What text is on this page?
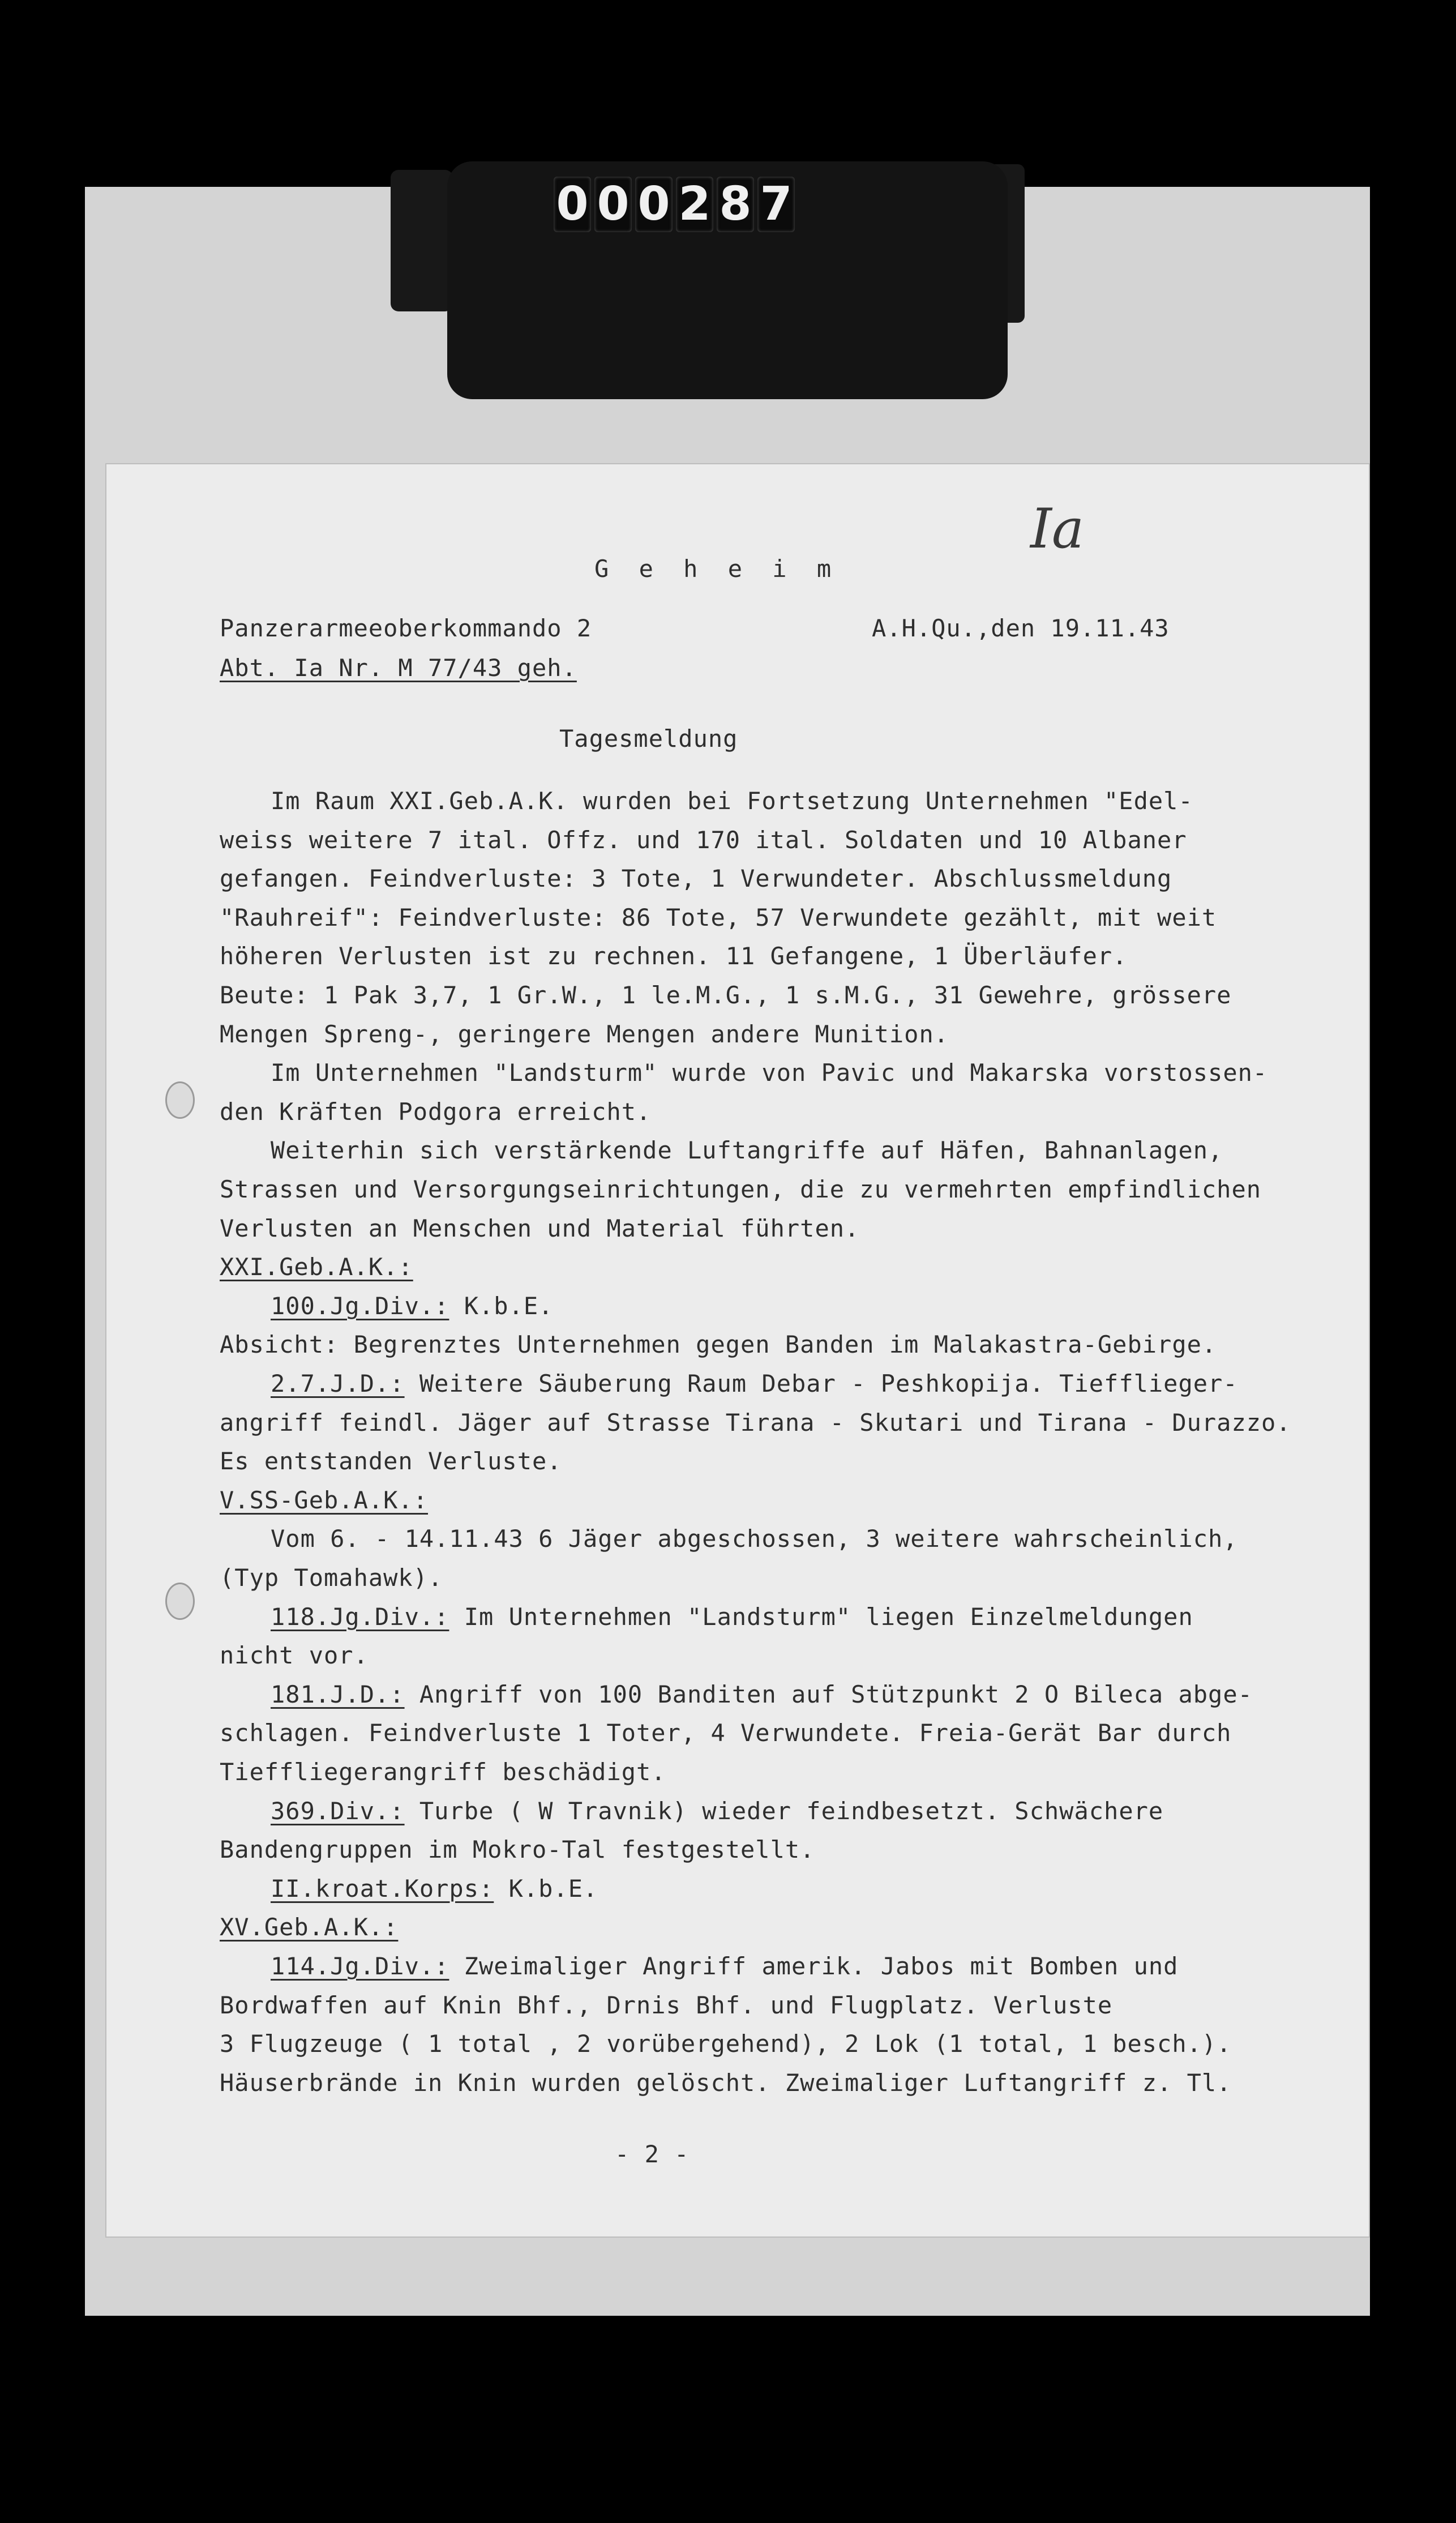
0 0 0 2 8 7
G e h e i m
Panzerarmeeoberkommando 2	A.H.Qu.,den 19.11.43
Abt. Ia Nr. M 77/43 geh.
Tagesmeldung
Im Raum XXI.Geb.A.K. wurden bei Fortsetzung Unternehmen "Edel-
weiss weitere 7 ital. Offz. und 170 ital. Soldaten und 10 Albaner
gefangen. Feindverluste: 3 Tote, 1 Verwundeter. Abschlussmeldung
"Rauhreif": Feindverluste: 86 Tote, 57 Verwundete gezählt, mit weit
höheren Verlusten ist zu rechnen. 11 Gefangene, 1 Überläufer.
Beute: 1 Pak 3,7, 1 Gr.W., 1 le.M.G., 1 s.M.G., 31 Gewehre, grössere
Mengen Spreng-, geringere Mengen andere Munition.
Im Unternehmen "Landsturm" wurde von Pavic und Makarska vorstossen-
den Kräften Podgora erreicht.
Weiterhin sich verstärkende Luftangriffe auf Häfen, Bahnanlagen,
Strassen und Versorgungseinrichtungen, die zu vermehrten empfindlichen
Verlusten an Menschen und Material führten.
XXI.Geb.A.K.:
100.Jg.Div.: K.b.E.
Absicht: Begrenztes Unternehmen gegen Banden im Malakastra-Gebirge.
2.7.J.D.: Weitere Säuberung Raum Debar - Peshkopija. Tiefflieger-
angriff feindl. Jäger auf Strasse Tirana - Skutari und Tirana - Durazzo.
Es entstanden Verluste.
V.SS-Geb.A.K.:
Vom 6. - 14.11.43 6 Jäger abgeschossen, 3 weitere wahrscheinlich,
(Typ Tomahawk).
118.Jg.Div.: Im Unternehmen "Landsturm" liegen Einzelmeldungen
nicht vor.
181.J.D.: Angriff von 100 Banditen auf Stützpunkt 2 O Bileca abge-
schlagen. Feindverluste 1 Toter, 4 Verwundete. Freia-Gerät Bar durch
Tieffliegerangriff beschädigt.
369.Div.: Turbe ( W Travnik) wieder feindbesetzt. Schwächere
Bandengruppen im Mokro-Tal festgestellt.
II.kroat.Korps: K.b.E.
XV.Geb.A.K.:
114.Jg.Div.: Zweimaliger Angriff amerik. Jabos mit Bomben und
Bordwaffen auf Knin Bhf., Drnis Bhf. und Flugplatz. Verluste
3 Flugzeuge ( 1 total , 2 vorübergehend), 2 Lok (1 total, 1 besch.).
Häuserbrände in Knin wurden gelöscht. Zweimaliger Luftangriff z. Tl.
- 2 -
Ia
